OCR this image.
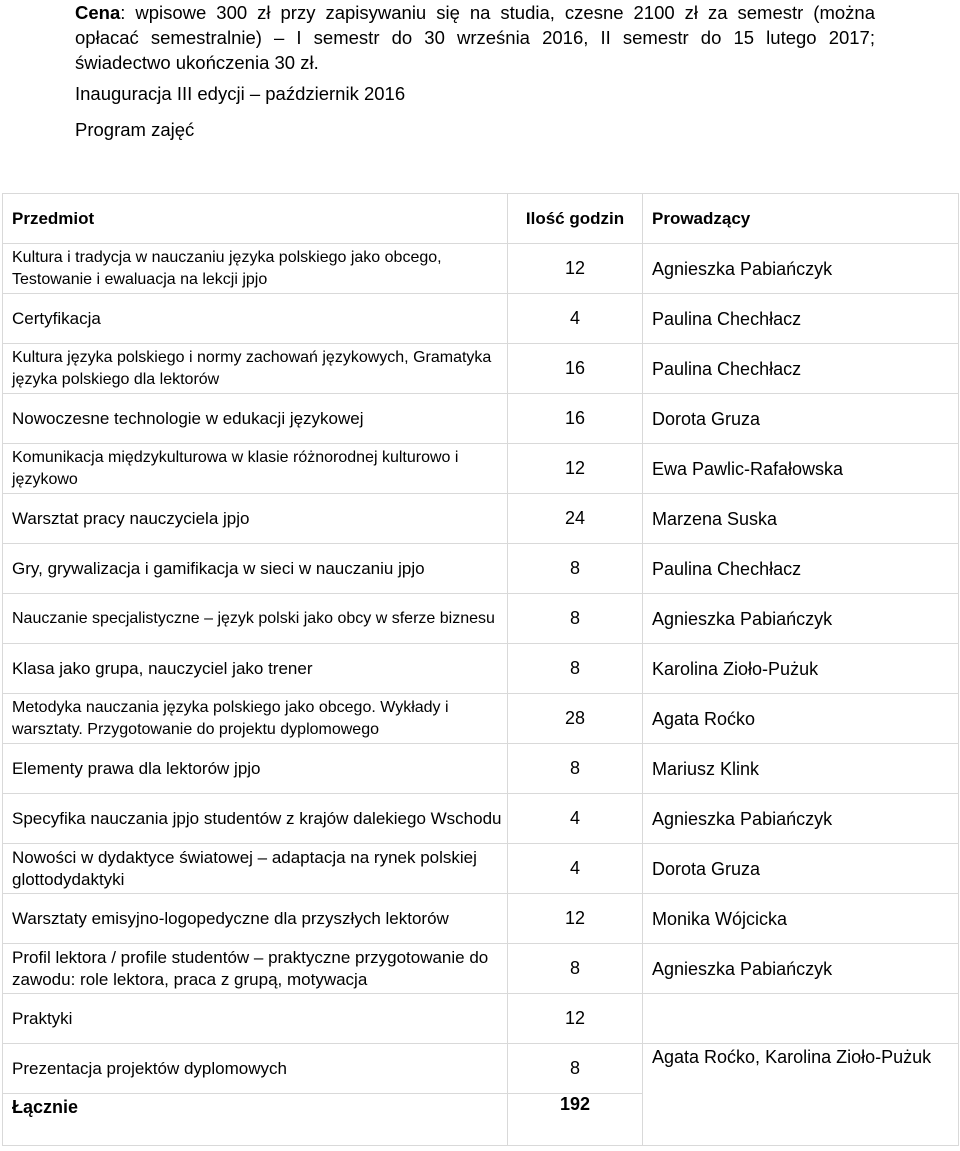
Cena: wpisowe 300 zł przy zapisywaniu się na studia, czesne 2100 zł za semestr (można opłacać semestralnie) – I semestr do 30 września 2016, II semestr do 15 lutego 2017; świadectwo ukończenia 30 zł.

Inauguracja III edycji – październik 2016

Program zajęć

Przedmiot	Ilość godzin	Prowadzący
Kultura i tradycja w nauczaniu języka polskiego jako obcego, Testowanie i ewaluacja na lekcji jpjo	12	Agnieszka Pabiańczyk
Certyfikacja	4	Paulina Chechłacz
Kultura języka polskiego i normy zachowań językowych, Gramatyka języka polskiego dla lektorów	16	Paulina Chechłacz
Nowoczesne technologie w edukacji językowej	16	Dorota Gruza
Komunikacja międzykulturowa w klasie różnorodnej kulturowo i językowo	12	Ewa Pawlic-Rafałowska
Warsztat pracy nauczyciela jpjo	24	Marzena Suska
Gry, grywalizacja i gamifikacja w sieci w nauczaniu jpjo	8	Paulina Chechłacz
Nauczanie specjalistyczne – język polski jako obcy w sferze biznesu	8	Agnieszka Pabiańczyk
Klasa jako grupa, nauczyciel jako trener	8	Karolina Zioło-Pużuk
Metodyka nauczania języka polskiego jako obcego. Wykłady i warsztaty. Przygotowanie do projektu dyplomowego	28	Agata Roćko
Elementy prawa dla lektorów jpjo	8	Mariusz Klink
Specyfika nauczania jpjo studentów z krajów dalekiego Wschodu	4	Agnieszka Pabiańczyk
Nowości w dydaktyce światowej – adaptacja na rynek polskiej glottodydaktyki	4	Dorota Gruza
Warsztaty emisyjno-logopedyczne dla przyszłych lektorów	12	Monika Wójcicka
Profil lektora / profile studentów – praktyczne przygotowanie do zawodu: role lektora, praca z grupą, motywacja	8	Agnieszka Pabiańczyk
Praktyki	12	
Prezentacja projektów dyplomowych	8	Agata Roćko, Karolina Zioło-Pużuk
Łącznie	192	
